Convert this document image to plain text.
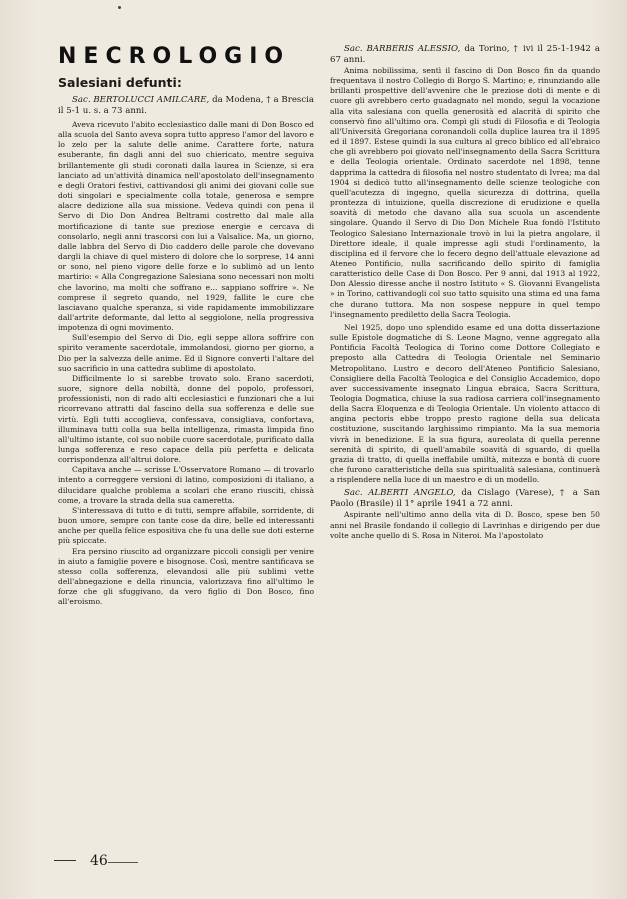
NECROLOGIO
Salesiani defunti:

Sac. BERTOLUCCI AMILCARE, da Modena, † a Brescia il 5-1 u. s. a 73 anni.

Aveva ricevuto l'abito ecclesiastico dalle mani di Don Bosco ed alla scuola del Santo aveva sopra tutto appreso l'amor del lavoro e lo zelo per la salute delle anime. Carattere forte, natura esuberante, fin dagli anni del suo chiericato, mentre seguiva brillantemente gli studi coronati dalla laurea in Scienze, si era lanciato ad un'attività dinamica nell'apostolato dell'insegnamento e degli Oratori festivi, cattivandosi gli animi dei giovani colle sue doti singolari e specialmente colla totale, generosa e sempre alacre dedizione alla sua missione. Vedeva quindi con pena il Servo di Dio Don Andrea Beltrami costretto dal male alla mortificazione di tante sue preziose energie e cercava di consolarlo, negli anni trascorsi con lui a Valsalice. Ma, un giorno, dalle labbra del Servo di Dio caddero delle parole che dovevano dargli la chiave di quel mistero di dolore che lo sorprese, 14 anni or sono, nel pieno vigore delle forze e lo sublimò ad un lento martirio: « Alla Congregazione Salesiana sono necessari non molti che lavorino, ma molti che soffrano e... sappiano soffrire ». Ne comprese il segreto quando, nel 1929, fallite le cure che lasciavano qualche speranza, si vide rapidamente immobilizzare dall'artrite deformante, dal letto al seggiolone, nella progressiva impotenza di ogni movimento.

Sull'esempio del Servo di Dio, egli seppe allora soffrire con spirito veramente sacerdotale, immolandosi, giorno per giorno, a Dio per la salvezza delle anime. Ed il Signore converti l'altare del suo sacrificio in una cattedra sublime di apostolato.

Difficilmente lo si sarebbe trovato solo. Erano sacerdoti, suore, signore della nobiltà, donne del popolo, professori, professionisti, non di rado alti ecclesiastici e funzionari che a lui ricorrevano attratti dal fascino della sua sofferenza e delle sue virtù. Egli tutti accoglieva, confessava, consigliava, confortava, illuminava tutti colla sua bella intelligenza, rimasta limpida fino all'ultimo istante, col suo nobile cuore sacerdotale, purificato dalla lunga sofferenza e reso capace della più perfetta e delicata corrispondenza all'altrui dolore.

Capitava anche — scrisse L'Osservatore Romano — di trovarlo intento a correggere versioni di latino, composizioni di italiano, a dilucidare qualche problema a scolari che erano riusciti, chissà come, a trovare la strada della sua cameretta.

S'interessava di tutto e di tutti, sempre affabile, sorridente, di buon umore, sempre con tante cose da dire, belle ed interessanti anche per quella felice espositiva che fu una delle sue doti esterne più spiccate.

Era persino riuscito ad organizzare piccoli consigli per venire in aiuto a famiglie povere e bisognose. Così, mentre santificava se stesso colla sofferenza, elevandosi alle più sublimi vette dell'abnegazione e della rinuncia, valorizzava fino all'ultimo le forze che gli sfuggivano, da vero figlio di Don Bosco, fino all'eroismo.

Sac. BARBERIS ALESSIO, da Torino, † ivi il 25-1-1942 a 67 anni.

Anima nobilissima, sentì il fascino di Don Bosco fin da quando frequentava il nostro Collegio di Borgo S. Martino; e, rinunziando alle brillanti prospettive dell'avvenire che le preziose doti di mente e di cuore gli avrebbero certo guadagnato nel mondo, seguì la vocazione alla vita salesiana con quella generosità ed alacrità di spirito che conservò fino all'ultimo ora. Compì gli studi di Filosofia e di Teologia all'Università Gregoriana coronandoli colla duplice laurea tra il 1895 ed il 1897. Estese quindi la sua cultura al greco biblico ed all'ebraico che gli avrebbero poi giovato nell'insegnamento della Sacra Scrittura e della Teologia orientale. Ordinato sacerdote nel 1898, tenne dapprima la cattedra di filosofia nel nostro studentato di Ivrea; ma dal 1904 si dedicò tutto all'insegnamento delle scienze teologiche con quell'acutezza di ingegno, quella sicurezza di dottrina, quella prontezza di intuizione, quella discrezione di erudizione e quella soavità di metodo che davano alla sua scuola un ascendente singolare. Quando il Servo di Dio Don Michele Rua fondò l'Istituto Teologico Salesiano Internazionale trovò in lui la pietra angolare, il Direttore ideale, il quale impresse agli studi l'ordinamento, la disciplina ed il fervore che lo fecero degno dell'attuale elevazione ad Ateneo Pontificio, nulla sacrificando dello spirito di famiglia caratteristico delle Case di Don Bosco. Per 9 anni, dal 1913 al 1922, Don Alessio diresse anche il nostro Istituto « S. Giovanni Evangelista » in Torino, cattivandogli col suo tatto squisito una stima ed una fama che durano tuttora. Ma non sospese neppure in quel tempo l'insegnamento prediletto della Sacra Teologia.

Nel 1925, dopo uno splendido esame ed una dotta dissertazione sulle Epistole dogmatiche di S. Leone Magno, venne aggregato alla Pontificia Facoltà Teologica di Torino come Dottore Collegiato e preposto alla Cattedra di Teologia Orientale nel Seminario Metropolitano. Lustro e decoro dell'Ateneo Pontificio Salesiano, Consigliere della Facoltà Teologica e del Consiglio Accademico, dopo aver successivamente insegnato Lingua ebraica, Sacra Scrittura, Teologia Dogmatica, chiuse la sua radiosa carriera coll'insegnamento della Sacra Eloquenza e di Teologia Orientale. Un violento attacco di angina pectoris ebbe troppo presto ragione della sua delicata costituzione, suscitando larghissimo rimpianto. Ma la sua memoria vivrà in benedizione. E la sua figura, aureolata di quella perenne serenità di spirito, di quell'amabile soavità di sguardo, di quella grazia di tratto, di quella ineffabile umiltà, mitezza e bontà di cuore che furono caratteristiche della sua spiritualità salesiana, continuerà a risplendere nella luce di un maestro e di un modello.

Sac. ALBERTI ANGELO, da Cislago (Varese), † a San Paolo (Brasile) il 1° aprile 1941 a 72 anni.

Aspirante nell'ultimo anno della vita di D. Bosco, spese ben 50 anni nel Brasile fondando il collegio di Lavrinhas e dirigendo per due volte anche quello di S. Rosa in Niteroi. Ma l'apostolato

46
